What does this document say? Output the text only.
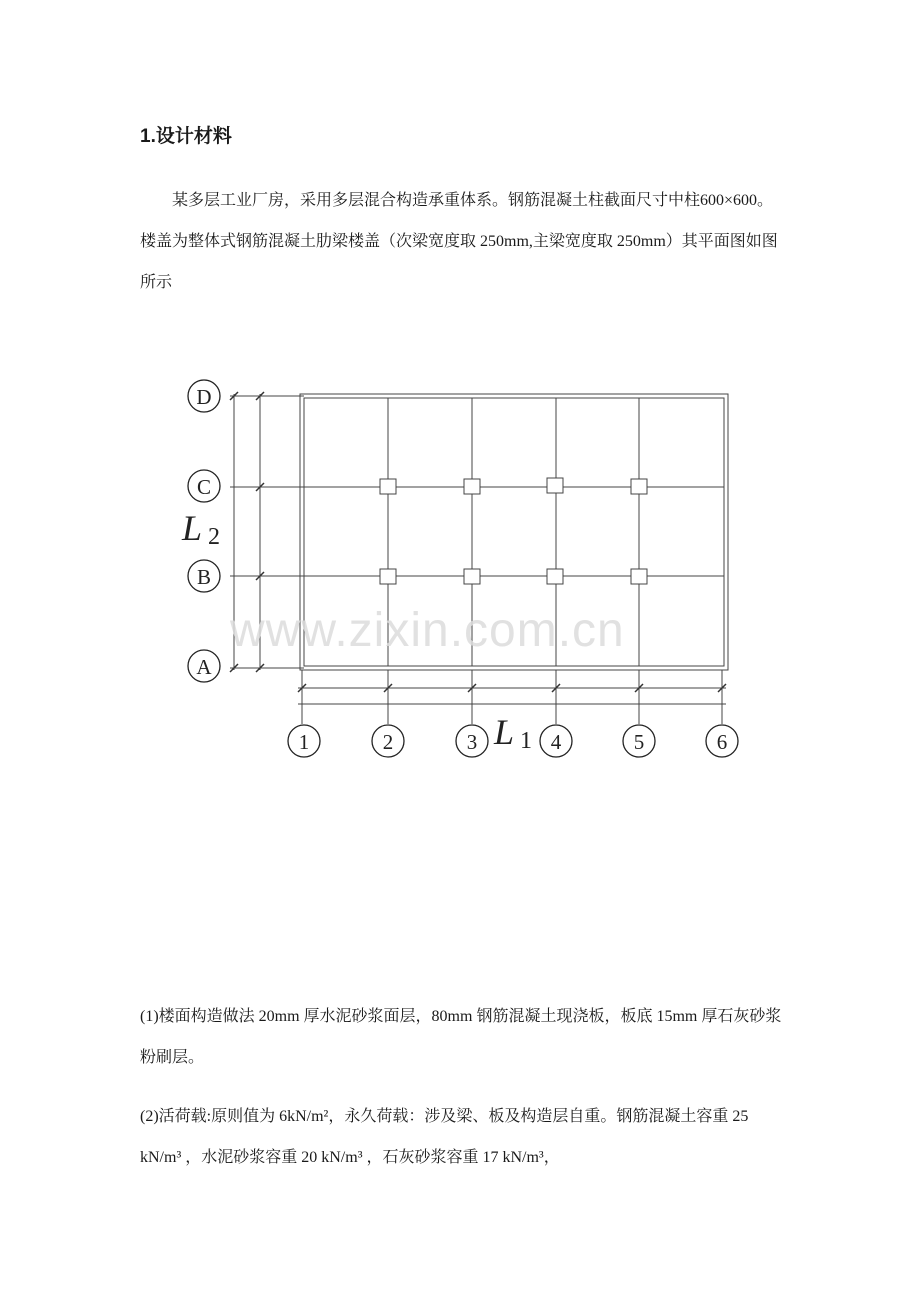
1.设计材料
某多层工业厂房，采用多层混合构造承重体系。钢筋混凝土柱截面尺寸中柱600×600。楼盖为整体式钢筋混凝土肋梁楼盖（次梁宽度取 250mm,主梁宽度取 250mm）其平面图如图所示
D
C
B
A
1	2	3	4	5	6
L 2
L 1
www.zixin.com.cn
(1)楼面构造做法 20mm 厚水泥砂浆面层，80mm 钢筋混凝土现浇板，板底 15mm 厚石灰砂浆粉刷层。
(2)活荷载:原则值为 6kN/m²，永久荷载：涉及梁、板及构造层自重。钢筋混凝土容重 25 kN/m³ ，水泥砂浆容重 20 kN/m³ ，石灰砂浆容重 17 kN/m³，
